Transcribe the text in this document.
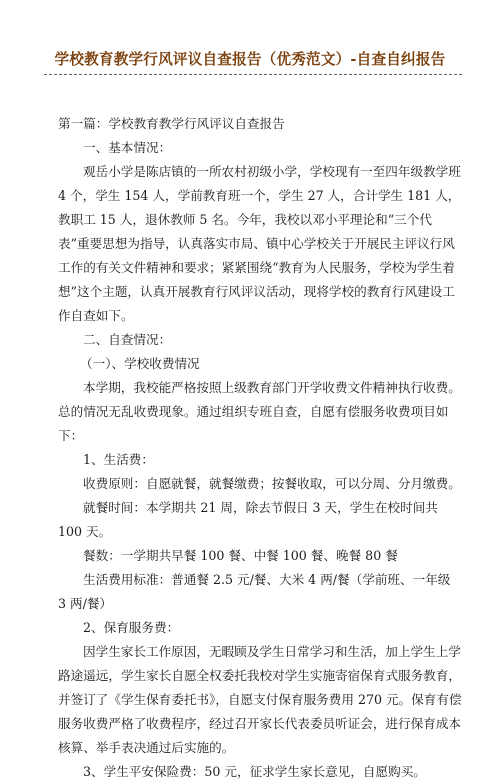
学校教育教学行风评议自查报告（优秀范文）-自查自纠报告

第一篇：学校教育教学行风评议自查报告

一、基本情况：

观岳小学是陈店镇的一所农村初级小学，学校现有一至四年级教学班 4 个，学生 154 人，学前教育班一个，学生 27 人，合计学生 181 人，教职工 15 人，退休教师 5 名。今年，我校以邓小平理论和“三个代表”重要思想为指导，认真落实市局、镇中心学校关于开展民主评议行风工作的有关文件精神和要求；紧紧围绕“教育为人民服务，学校为学生着想”这个主题，认真开展教育行风评议活动，现将学校的教育行风建设工作自查如下。

二、自查情况：

（一）、学校收费情况

本学期，我校能严格按照上级教育部门开学收费文件精神执行收费。总的情况无乱收费现象。通过组织专班自查，自愿有偿服务收费项目如下：

1、生活费：

收费原则：自愿就餐，就餐缴费；按餐收取，可以分周、分月缴费。

就餐时间：本学期共 21 周，除去节假日 3 天，学生在校时间共 100 天。

餐数：一学期共早餐 100 餐、中餐 100 餐、晚餐 80 餐

生活费用标准：普通餐 2.5 元/餐、大米 4 两/餐（学前班、一年级 3 两/餐）

2、保育服务费：

因学生家长工作原因，无暇顾及学生日常学习和生活，加上学生上学路途遥远，学生家长自愿全权委托我校对学生实施寄宿保育式服务教育，并签订了《学生保育委托书》，自愿支付保育服务费用 270 元。保育有偿服务收费严格了收费程序，经过召开家长代表委员听证会，进行保育成本核算、举手表决通过后实施的。

3、学生平安保险费：50 元，征求学生家长意见，自愿购买。
